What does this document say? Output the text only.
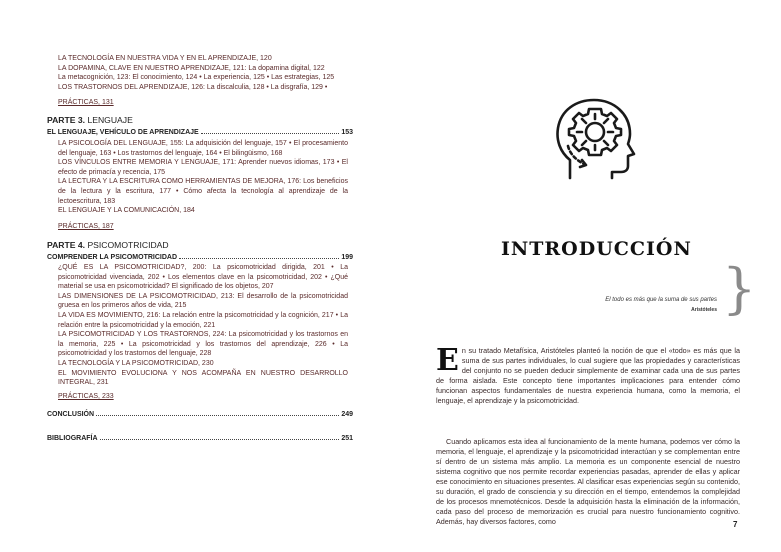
LA TECNOLOGÍA EN NUESTRA VIDA Y EN EL APRENDIZAJE, 120
LA DOPAMINA, CLAVE EN NUESTRO APRENDIZAJE, 121: La dopamina digital, 122
La metacognición, 123: El conocimiento, 124 • La experiencia, 125 • Las estrategias, 125
LOS TRASTORNOS DEL APRENDIZAJE, 126: La discalculia, 128 • La disgrafía, 129 •
PRÁCTICAS, 131
PARTE 3. LENGUAJE
EL LENGUAJE, VEHÍCULO DE APRENDIZAJE	153
LA PSICOLOGÍA DEL LENGUAJE, 155: La adquisición del lenguaje, 157 • El procesamiento del lenguaje, 163 • Los trastornos del lenguaje, 164 • El bilingüismo, 168
LOS VÍNCULOS ENTRE MEMORIA Y LENGUAJE, 171: Aprender nuevos idiomas, 173 • El efecto de primacía y recencia, 175
LA LECTURA Y LA ESCRITURA COMO HERRAMIENTAS DE MEJORA, 176: Los beneficios de la lectura y la escritura, 177 • Cómo afecta la tecnología al aprendizaje de la lectoescritura, 183
EL LENGUAJE Y LA COMUNICACIÓN, 184
PRÁCTICAS, 187
PARTE 4. PSICOMOTRICIDAD
COMPRENDER LA PSICOMOTRICIDAD	199
¿QUÉ ES LA PSICOMOTRICIDAD?, 200: La psicomotricidad dirigida, 201 • La psicomotricidad vivenciada, 202 • Los elementos clave en la psicomotricidad, 202 • ¿Qué material se usa en psicomotricidad? El significado de los objetos, 207
LAS DIMENSIONES DE LA PSICOMOTRICIDAD, 213: El desarrollo de la psicomotricidad gruesa en los primeros años de vida, 215
LA VIDA ES MOVIMIENTO, 216: La relación entre la psicomotricidad y la cognición, 217 • La relación entre la psicomotricidad y la emoción, 221
LA PSICOMOTRICIDAD Y LOS TRASTORNOS, 224: La psicomotricidad y los trastornos en la memoria, 225 • La psicomotricidad y los trastornos del aprendizaje, 226 • La psicomotricidad y los trastornos del lenguaje, 228
LA TECNOLOGÍA Y LA PSICOMOTRICIDAD, 230
EL MOVIMIENTO EVOLUCIONA Y NOS ACOMPAÑA EN NUESTRO DESARROLLO INTEGRAL, 231
PRÁCTICAS, 233
CONCLUSIÓN	249
BIBLIOGRAFÍA	251
INTRODUCCIÓN
}
El todo es más que la suma de sus partes
Aristóteles
E n su tratado Metafísica, Aristóteles planteó la noción de que el «todo» es más que la suma de sus partes individuales, lo cual sugiere que las propiedades y características del conjunto no se pueden deducir simplemente de examinar cada una de sus partes de forma aislada. Este concepto tiene importantes implicaciones para entender cómo funcionan aspectos fundamentales de nuestra experiencia humana, como la memoria, el lenguaje, el aprendizaje y la psicomotricidad.
Cuando aplicamos esta idea al funcionamiento de la mente humana, podemos ver cómo la memoria, el lenguaje, el aprendizaje y la psicomotricidad interactúan y se complementan entre sí dentro de un sistema más amplio. La memoria es un componente esencial de nuestro sistema cognitivo que nos permite recordar experiencias pasadas, aprender de ellas y aplicar ese conocimiento en situaciones presentes. Al clasificar esas experiencias según su contenido, su duración, el grado de consciencia y su dirección en el tiempo, entendemos la complejidad de los procesos mnemotécnicos. Desde la adquisición hasta la eliminación de la información, cada paso del proceso de memorización es crucial para nuestro funcionamiento cognitivo. Además, hay diversos factores, como	7
